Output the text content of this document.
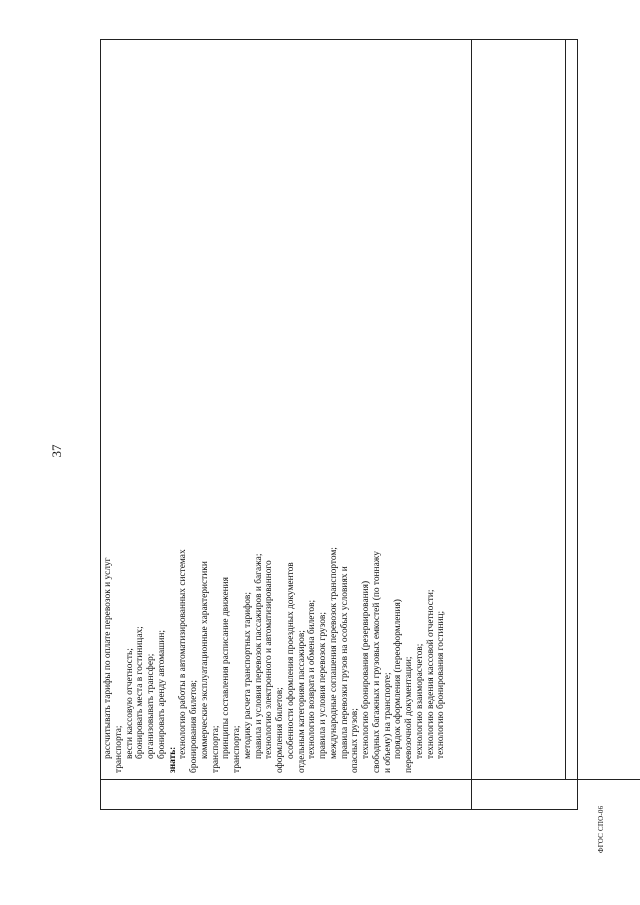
37
рассчитывать тарифы по оплате перевозок и услуг транспорта; вести кассовую отчетность; бронировать места в гостиницах; организовывать трансфер; бронировать аренду автомашин;
знать:
технологию работы в автоматизированных системах бронирования билетов; коммерческие эксплуатационные характеристики транспорта; принципы составления расписание движения транспорта; методику расчета транспортных тарифов; правила и условия перевозок пассажиров и багажа; технологию электронного и автоматизированного оформления билетов; особенности оформления проездных документов отдельным категориям пассажиров; технологию возврата и обмена билетов; правила и условия перевозок грузов; международные соглашения перевозок транспортом; правила перевозки грузов на особых условиях и опасных грузов; технологию бронирования (резервирования) свободных багажных и грузовых емкостей (по тоннажу и объему) на транспорте; порядок оформления (переоформления) перевозочной документации; технологию взаиморасчетов; технологию ведения кассовой отчетности; технологию бронирования гостиниц;
ФГОС СПО-06
